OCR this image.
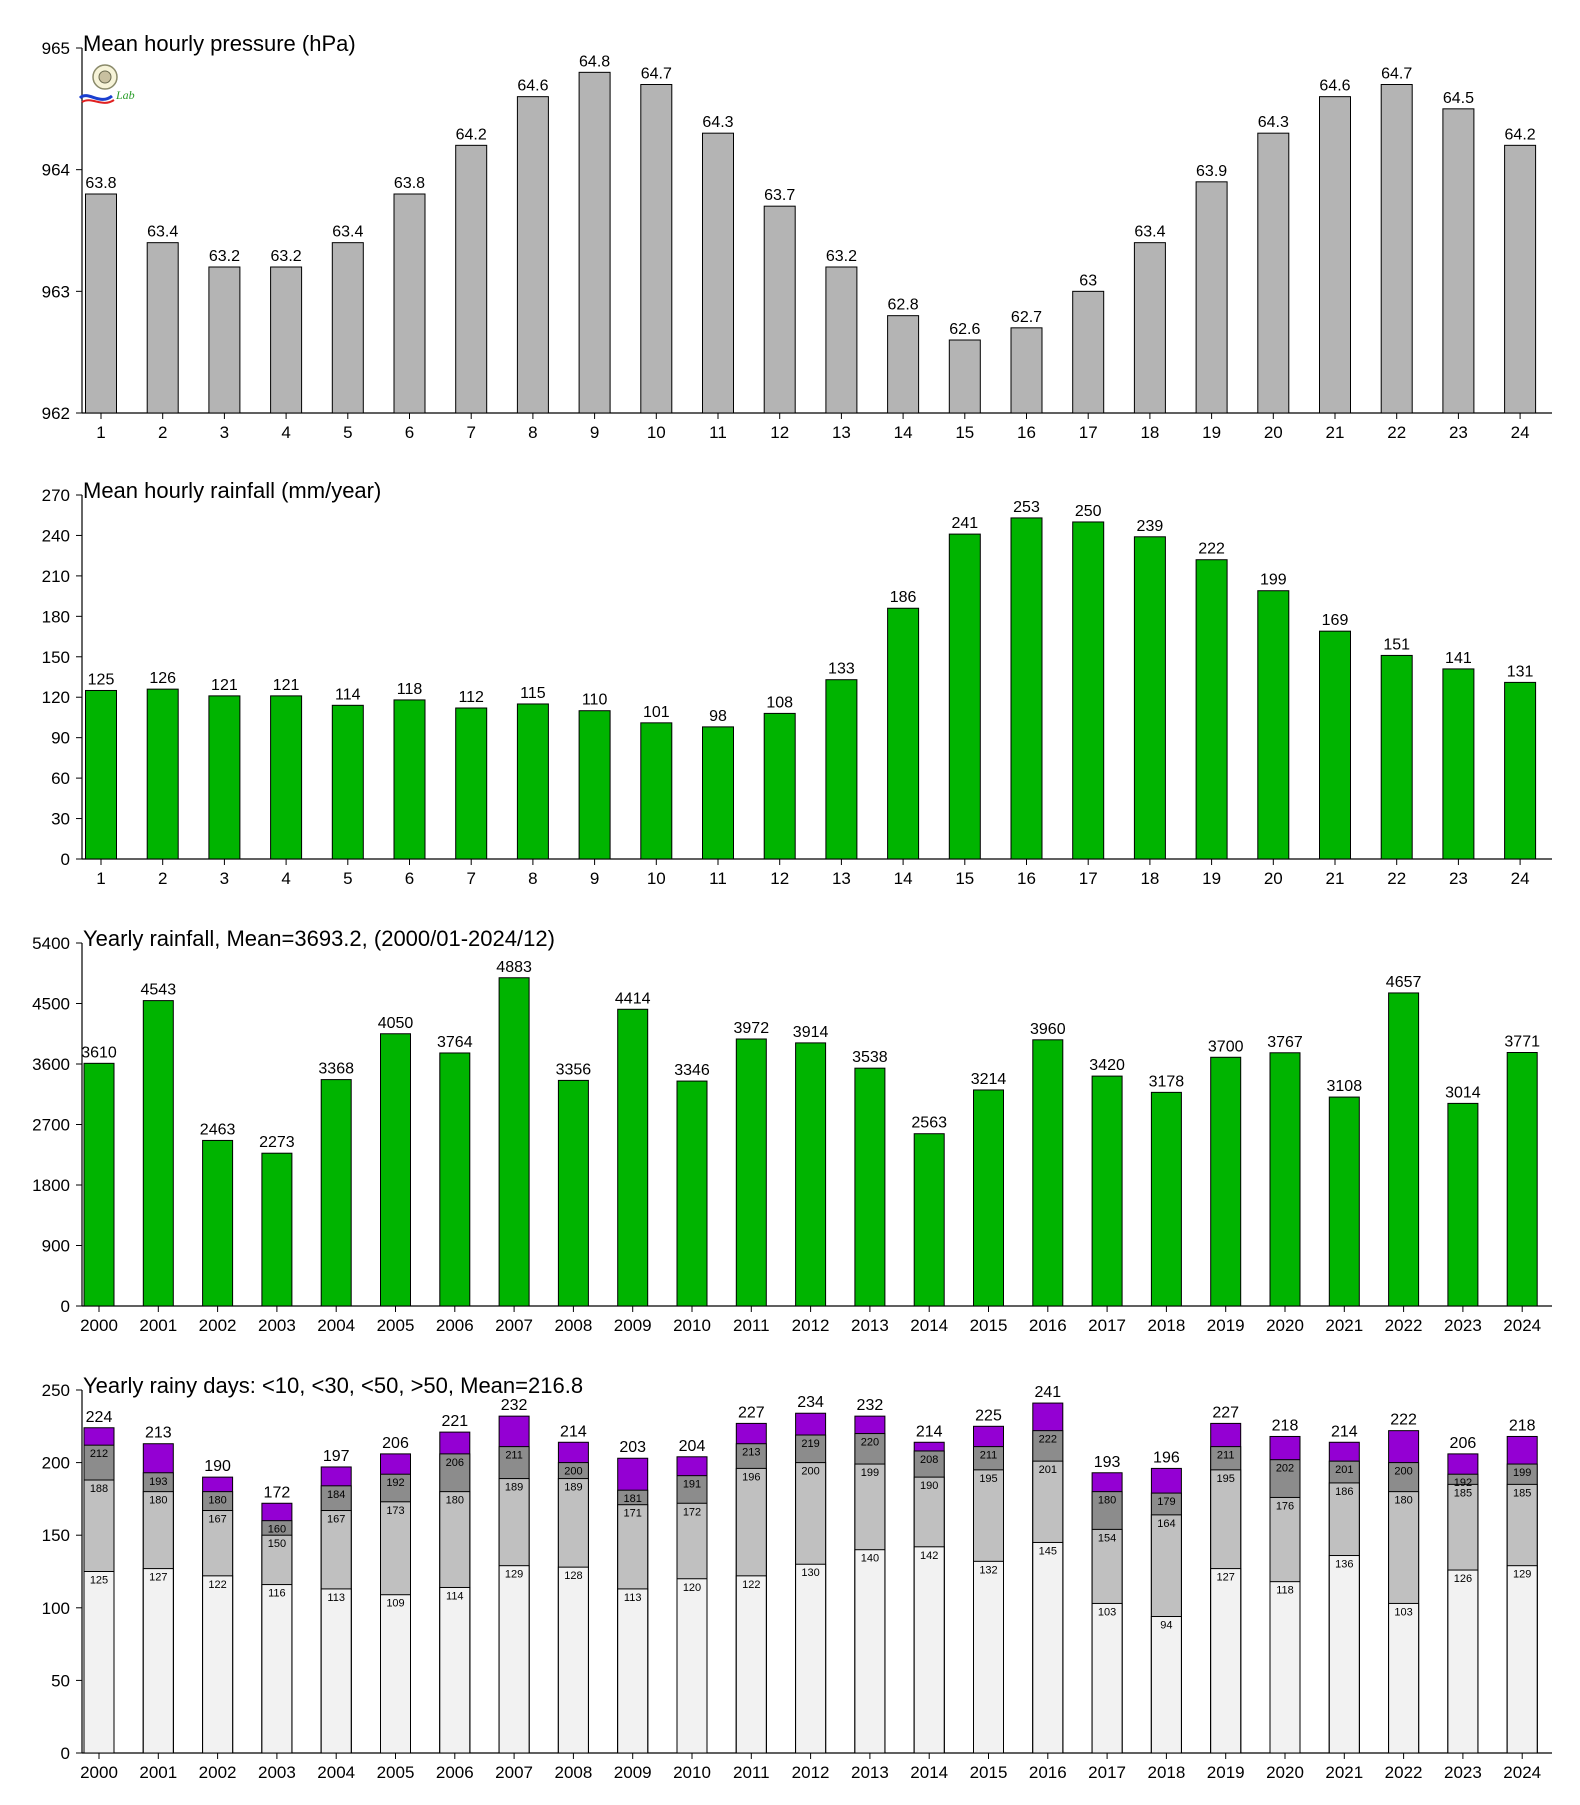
962
963
964
965 Mean hourly pressure (hPa)
1
63.8
2
63.4
3
63.2
4
63.2
5
63.4
6
63.8
7
64.2
8
64.6
9
64.8
10
64.7
11
64.3
12
63.7
13
63.2
14
62.8
15
62.6
16
62.7
17
63
18
63.4
19
63.9
20
64.3
21
64.6
22
64.7
23
64.5
24
64.2
0
30
60
90
120
150
180
210
240
270 Mean hourly rainfall (mm/year)
1
125
2
126
3
121
4
121
5
114
6
118
7
112
8
115
9
110
10
101
11
98
12
108
13
133
14
186
15
241
16
253
17
250
18
239
19
222
20
199
21
169
22
151
23
141
24
131
0
900
1800
2700
3600
4500
5400 Yearly rainfall, Mean=3693.2, (2000/01-2024/12)
2000
3610
2001
4543
2002
2463
2003
2273
2004
3368
2005
4050
2006
3764
2007
4883
2008
3356
2009
4414
2010
3346
2011
3972
2012
3914
2013
3538
2014
2563
2015
3214
2016
3960
2017
3420
2018
3178
2019
3700
2020
3767
2021
3108
2022
4657
2023
3014
2024
3771
0
50
100
150
200
250 Yearly rainy days: <10, <30, <50, >50, Mean=216.8
2000
125
188
212
224
2001
127
180
193
213
2002
122
167
180
190
2003
116
150
160
172
2004
113
167
184
197
2005
109
173
192
206
2006
114
180
206
221
2007
129
189
211
232
2008
128
189
200
214
2009
113
171
181
203
2010
120
172
191
204
2011
122
196
213
227
2012
130
200
219
234
2013
140
199
220
232
2014
142
190
208
214
2015
132
195
211
225
2016
145
201
222
241
2017
103
154
180
193
2018
94
164
179
196
2019
127
195
211
227
2020
118
176
202
218
2021
136
186
201
214
2022
103
180
200
222
2023
126
185
192
206
2024
129
185
199
218
Lab
